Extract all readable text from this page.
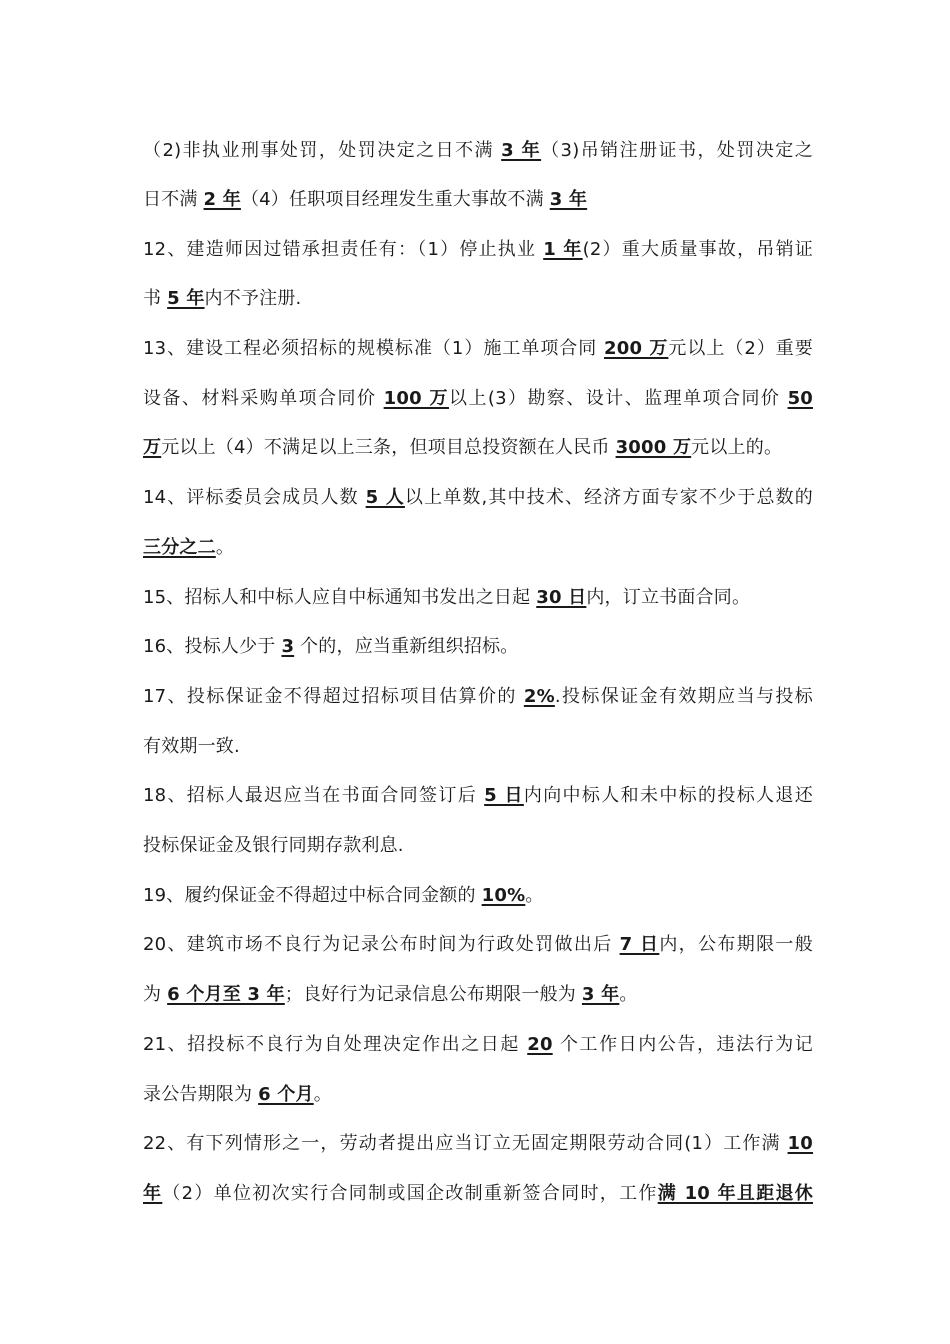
（2)非执业刑事处罚，处罚决定之日不满 3 年（3)吊销注册证书，处罚决定之
日不满 2 年（4）任职项目经理发生重大事故不满 3 年
12、建造师因过错承担责任有：（1）停止执业 1 年(2）重大质量事故，吊销证
书 5 年内不予注册.
13、建设工程必须招标的规模标准（1）施工单项合同 200 万元以上（2）重要
设备、材料采购单项合同价 100 万以上(3）勘察、设计、监理单项合同价 50
万元以上（4）不满足以上三条，但项目总投资额在人民币 3000 万元以上的。
14、评标委员会成员人数 5 人以上单数,其中技术、经济方面专家不少于总数的
三分之二。
15、招标人和中标人应自中标通知书发出之日起 30 日内，订立书面合同。
16、投标人少于 3 个的，应当重新组织招标。
17、投标保证金不得超过招标项目估算价的 2%.投标保证金有效期应当与投标
有效期一致.
18、招标人最迟应当在书面合同签订后 5 日内向中标人和未中标的投标人退还
投标保证金及银行同期存款利息.
19、履约保证金不得超过中标合同金额的 10%。
20、建筑市场不良行为记录公布时间为行政处罚做出后 7 日内，公布期限一般
为 6 个月至 3 年；良好行为记录信息公布期限一般为 3 年。
21、招投标不良行为自处理决定作出之日起 20 个工作日内公告，违法行为记
录公告期限为 6 个月。
22、有下列情形之一，劳动者提出应当订立无固定期限劳动合同(1）工作满 10
年（2）单位初次实行合同制或国企改制重新签合同时，工作满 10 年且距退休
